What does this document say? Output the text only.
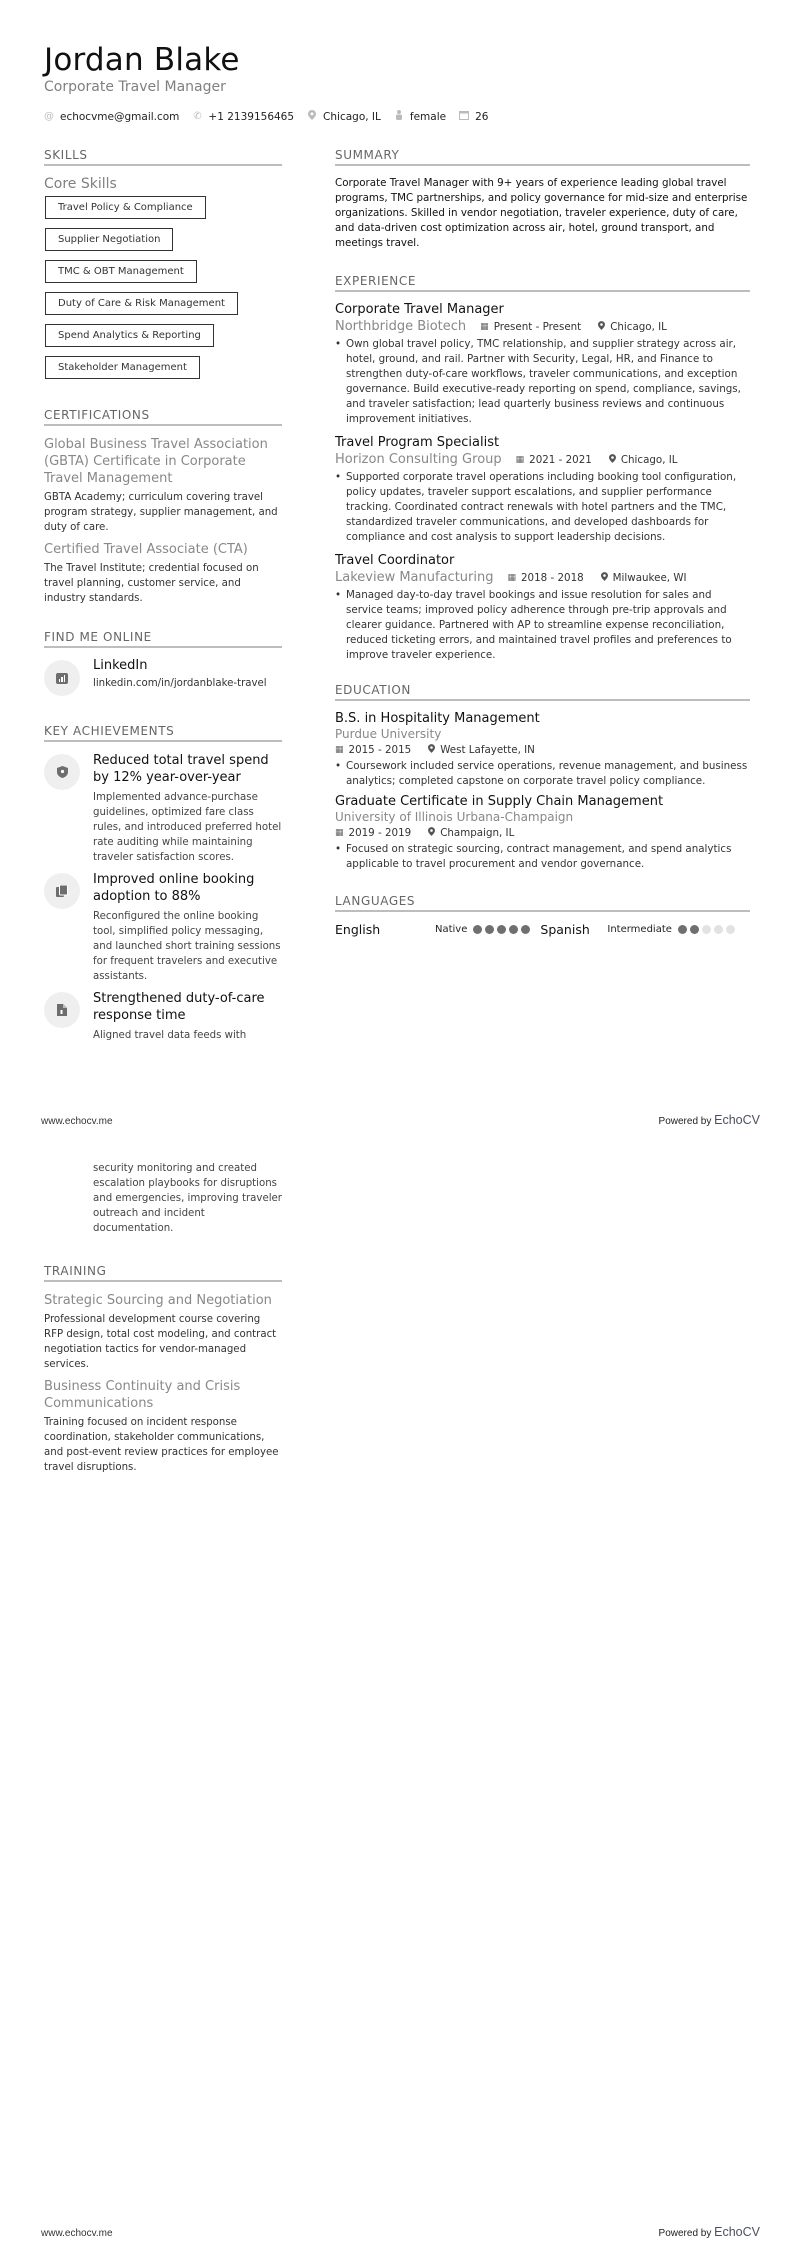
Jordan Blake
Corporate Travel Manager
@ echocvme@gmail.com ✆ +1 2139156465	Chicago, IL	female	26
SKILLS
Core Skills
Travel Policy & Compliance
Supplier Negotiation
TMC & OBT Management
Duty of Care & Risk Management
Spend Analytics & Reporting
Stakeholder Management
CERTIFICATIONS
Global Business Travel Association (GBTA) Certificate in Corporate Travel Management
GBTA Academy; curriculum covering travel program strategy, supplier management, and duty of care.
Certified Travel Associate (CTA)
The Travel Institute; credential focused on travel planning, customer service, and industry standards.
FIND ME ONLINE
LinkedIn
linkedin.com/in/jordanblake-travel
KEY ACHIEVEMENTS
Reduced total travel spend by 12% year-over-year
Implemented advance-purchase guidelines, optimized fare class rules, and introduced preferred hotel rate auditing while maintaining traveler satisfaction scores.
Improved online booking adoption to 88%
Reconfigured the online booking tool, simplified policy messaging, and launched short training sessions for frequent travelers and executive assistants.
Strengthened duty-of-care response time
Aligned travel data feeds with
SUMMARY

Corporate Travel Manager with 9+ years of experience leading global travel programs, TMC partnerships, and policy governance for mid-size and enterprise organizations. Skilled in vendor negotiation, traveler experience, duty of care, and data-driven cost optimization across air, hotel, ground transport, and meetings travel.

EXPERIENCE
Corporate Travel Manager
Northbridge Biotech ▦ Present - Present	Chicago, IL
• Own global travel policy, TMC relationship, and supplier strategy across air, hotel, ground, and rail. Partner with Security, Legal, HR, and Finance to strengthen duty-of-care workflows, traveler communications, and exception governance. Build executive-ready reporting on spend, compliance, savings, and traveler satisfaction; lead quarterly business reviews and continuous improvement initiatives.
Travel Program Specialist
Horizon Consulting Group ▦ 2021 - 2021	Chicago, IL
• Supported corporate travel operations including booking tool configuration, policy updates, traveler support escalations, and supplier performance tracking. Coordinated contract renewals with hotel partners and the TMC, standardized traveler communications, and developed dashboards for compliance and cost analysis to support leadership decisions.
Travel Coordinator
Lakeview Manufacturing ▦ 2018 - 2018	Milwaukee, WI
• Managed day-to-day travel bookings and issue resolution for sales and service teams; improved policy adherence through pre-trip approvals and clearer guidance. Partnered with AP to streamline expense reconciliation, reduced ticketing errors, and maintained travel profiles and preferences to improve traveler experience.
EDUCATION
B.S. in Hospitality Management
Purdue University
▦ 2015 - 2015	West Lafayette, IN
• Coursework included service operations, revenue management, and business analytics; completed capstone on corporate travel policy compliance.
Graduate Certificate in Supply Chain Management
University of Illinois Urbana-Champaign
▦ 2019 - 2019	Champaign, IL
• Focused on strategic sourcing, contract management, and spend analytics applicable to travel procurement and vendor governance.
LANGUAGES
English	Native	Spanish	Intermediate
www.echocv.me	Powered by EchoCV
security monitoring and created escalation playbooks for disruptions and emergencies, improving traveler outreach and incident documentation.
TRAINING
Strategic Sourcing and Negotiation
Professional development course covering RFP design, total cost modeling, and contract negotiation tactics for vendor-managed services.
Business Continuity and Crisis Communications
Training focused on incident response coordination, stakeholder communications, and post-event review practices for employee travel disruptions.
www.echocv.me	Powered by EchoCV
